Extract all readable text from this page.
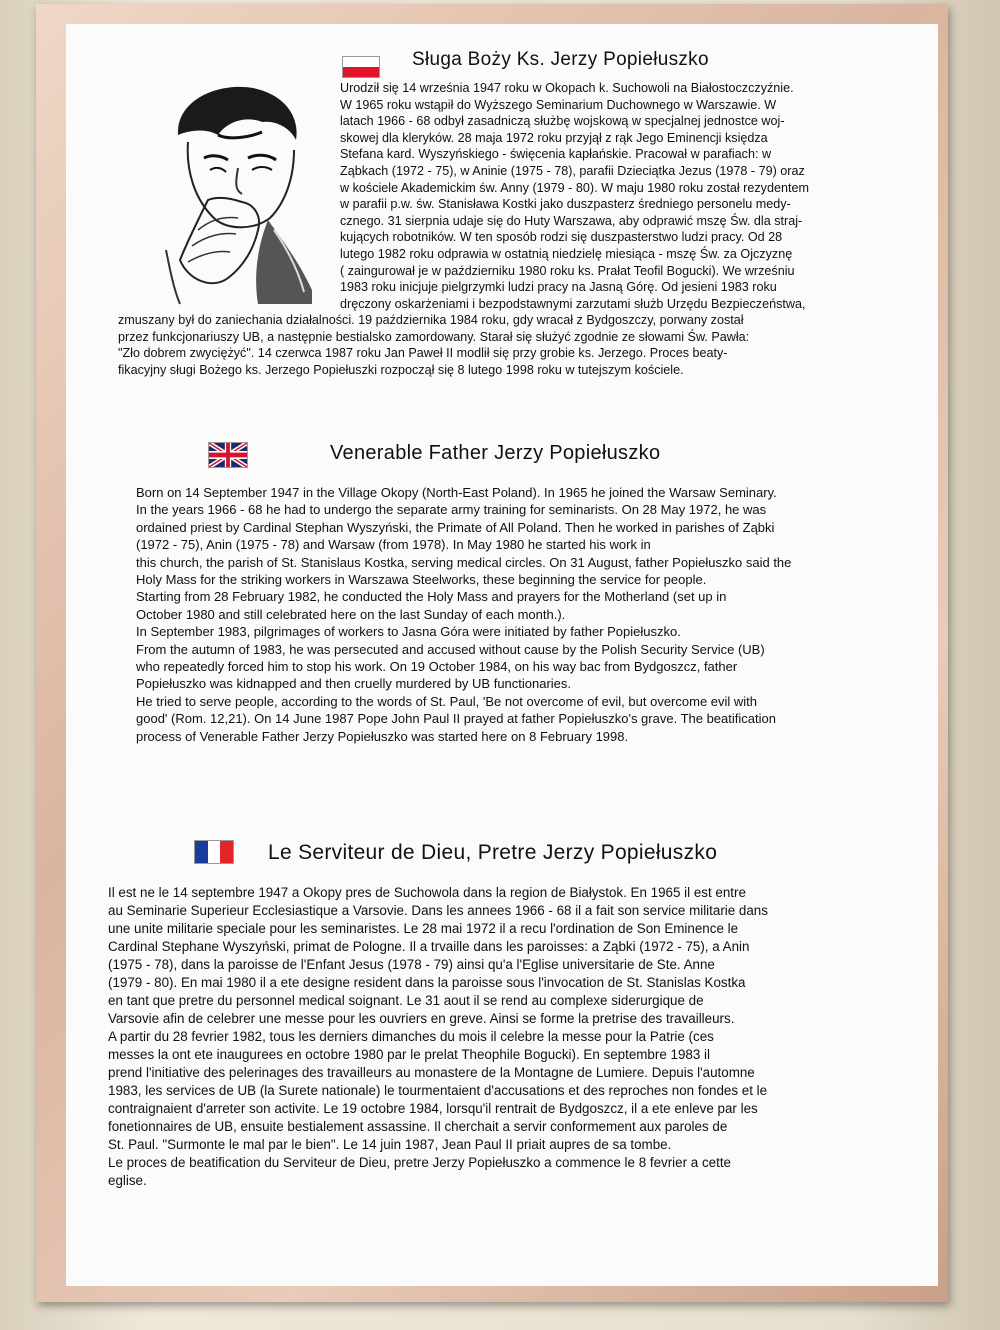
Sługa Boży Ks. Jerzy Popiełuszko
Urodził się 14 września 1947 roku w Okopach k. Suchowoli na Białostoczczyźnie.
W 1965 roku wstąpił do Wyższego Seminarium Duchownego w Warszawie. W
latach 1966 - 68 odbył zasadniczą służbę wojskową w specjalnej jednostce woj-
skowej dla kleryków. 28 maja 1972 roku przyjął z rąk Jego Eminencji księdza
Stefana kard. Wyszyńskiego - święcenia kapłańskie. Pracował w parafiach: w
Ząbkach (1972 - 75), w Aninie (1975 - 78), parafii Dzieciątka Jezus (1978 - 79) oraz
w kościele Akademickim św. Anny (1979 - 80). W maju 1980 roku został rezydentem
w parafii p.w. św. Stanisława Kostki jako duszpasterz średniego personelu medy-
cznego. 31 sierpnia udaje się do Huty Warszawa, aby odprawić mszę Św. dla straj-
kujących robotników. W ten sposób rodzi się duszpasterstwo ludzi pracy. Od 28
lutego 1982 roku odprawia w ostatnią niedzielę miesiąca - mszę Św. za Ojczyznę
( zaingurował je w październiku 1980 roku ks. Prałat Teofil Bogucki). We wrześniu
1983 roku inicjuje pielgrzymki ludzi pracy na Jasną Górę. Od jesieni 1983 roku
dręczony oskarżeniami i bezpodstawnymi zarzutami służb Urzędu Bezpieczeństwa,
zmuszany był do zaniechania działalności. 19 października 1984 roku, gdy wracał z Bydgoszczy, porwany został
przez funkcjonariuszy UB, a następnie bestialsko zamordowany. Starał się służyć zgodnie ze słowami Św. Pawła:
"Zło dobrem zwyciężyć". 14 czerwca 1987 roku Jan Paweł II modlił się przy grobie ks. Jerzego. Proces beaty-
fikacyjny sługi Bożego ks. Jerzego Popiełuszki rozpoczął się 8 lutego 1998 roku w tutejszym kościele.
Venerable Father Jerzy Popiełuszko
Born on 14 September 1947 in the Village Okopy (North-East Poland). In 1965 he joined the Warsaw Seminary.
In the years 1966 - 68 he had to undergo the separate army training for seminarists. On 28 May 1972, he was
ordained priest by Cardinal Stephan Wyszyński, the Primate of All Poland. Then he worked in parishes of Ząbki
(1972 - 75), Anin (1975 - 78) and Warsaw (from 1978). In May 1980 he started his work in
this church, the parish of St. Stanislaus Kostka, serving medical circles. On 31 August, father Popiełuszko said the
Holy Mass for the striking workers in Warszawa Steelworks, these beginning the service for people.
Starting from 28 February 1982, he conducted the Holy Mass and prayers for the Motherland (set up in
October 1980 and still celebrated here on the last Sunday of each month.).
In September 1983, pilgrimages of workers to Jasna Góra were initiated by father Popiełuszko.
From the autumn of 1983, he was persecuted and accused without cause by the Polish Security Service (UB)
who repeatedly forced him to stop his work. On 19 October 1984, on his way bac from Bydgoszcz, father
Popiełuszko was kidnapped and then cruelly murdered by UB functionaries.
He tried to serve people, according to the words of St. Paul, 'Be not overcome of evil, but overcome evil with
good' (Rom. 12,21). On 14 June 1987 Pope John Paul II prayed at father Popiełuszko's grave. The beatification
process of Venerable Father Jerzy Popiełuszko was started here on 8 February 1998.
Le Serviteur de Dieu, Pretre Jerzy Popiełuszko
Il est ne le 14 septembre 1947 a Okopy pres de Suchowola dans la region de Białystok. En 1965 il est entre
au Seminarie Superieur Ecclesiastique a Varsovie. Dans les annees 1966 - 68 il a fait son service militarie dans
une unite militarie speciale pour les seminaristes. Le 28 mai 1972 il a recu l'ordination de Son Eminence le
Cardinal Stephane Wyszyński, primat de Pologne. Il a trvaille dans les paroisses: a Ząbki (1972 - 75), a Anin
(1975 - 78), dans la paroisse de l'Enfant Jesus (1978 - 79) ainsi qu'a l'Eglise universitarie de Ste. Anne
(1979 - 80). En mai 1980 il a ete designe resident dans la paroisse sous l'invocation de St. Stanislas Kostka
en tant que pretre du personnel medical soignant. Le 31 aout il se rend au complexe siderurgique de
Varsovie afin de celebrer une messe pour les ouvriers en greve. Ainsi se forme la pretrise des travailleurs.
A partir du 28 fevrier 1982, tous les derniers dimanches du mois il celebre la messe pour la Patrie (ces
messes la ont ete inaugurees en octobre 1980 par le prelat Theophile Bogucki). En septembre 1983 il
prend l'initiative des pelerinages des travailleurs au monastere de la Montagne de Lumiere. Depuis l'automne
1983, les services de UB (la Surete nationale) le tourmentaient d'accusations et des reproches non fondes et le
contraignaient d'arreter son activite. Le 19 octobre 1984, lorsqu'il rentrait de Bydgoszcz, il a ete enleve par les
fonetionnaires de UB, ensuite bestialement assassine. Il cherchait a servir conformement aux paroles de
St. Paul. "Surmonte le mal par le bien". Le 14 juin 1987, Jean Paul II priait aupres de sa tombe.
Le proces de beatification du Serviteur de Dieu, pretre Jerzy Popiełuszko a commence le 8 fevrier a cette
eglise.
